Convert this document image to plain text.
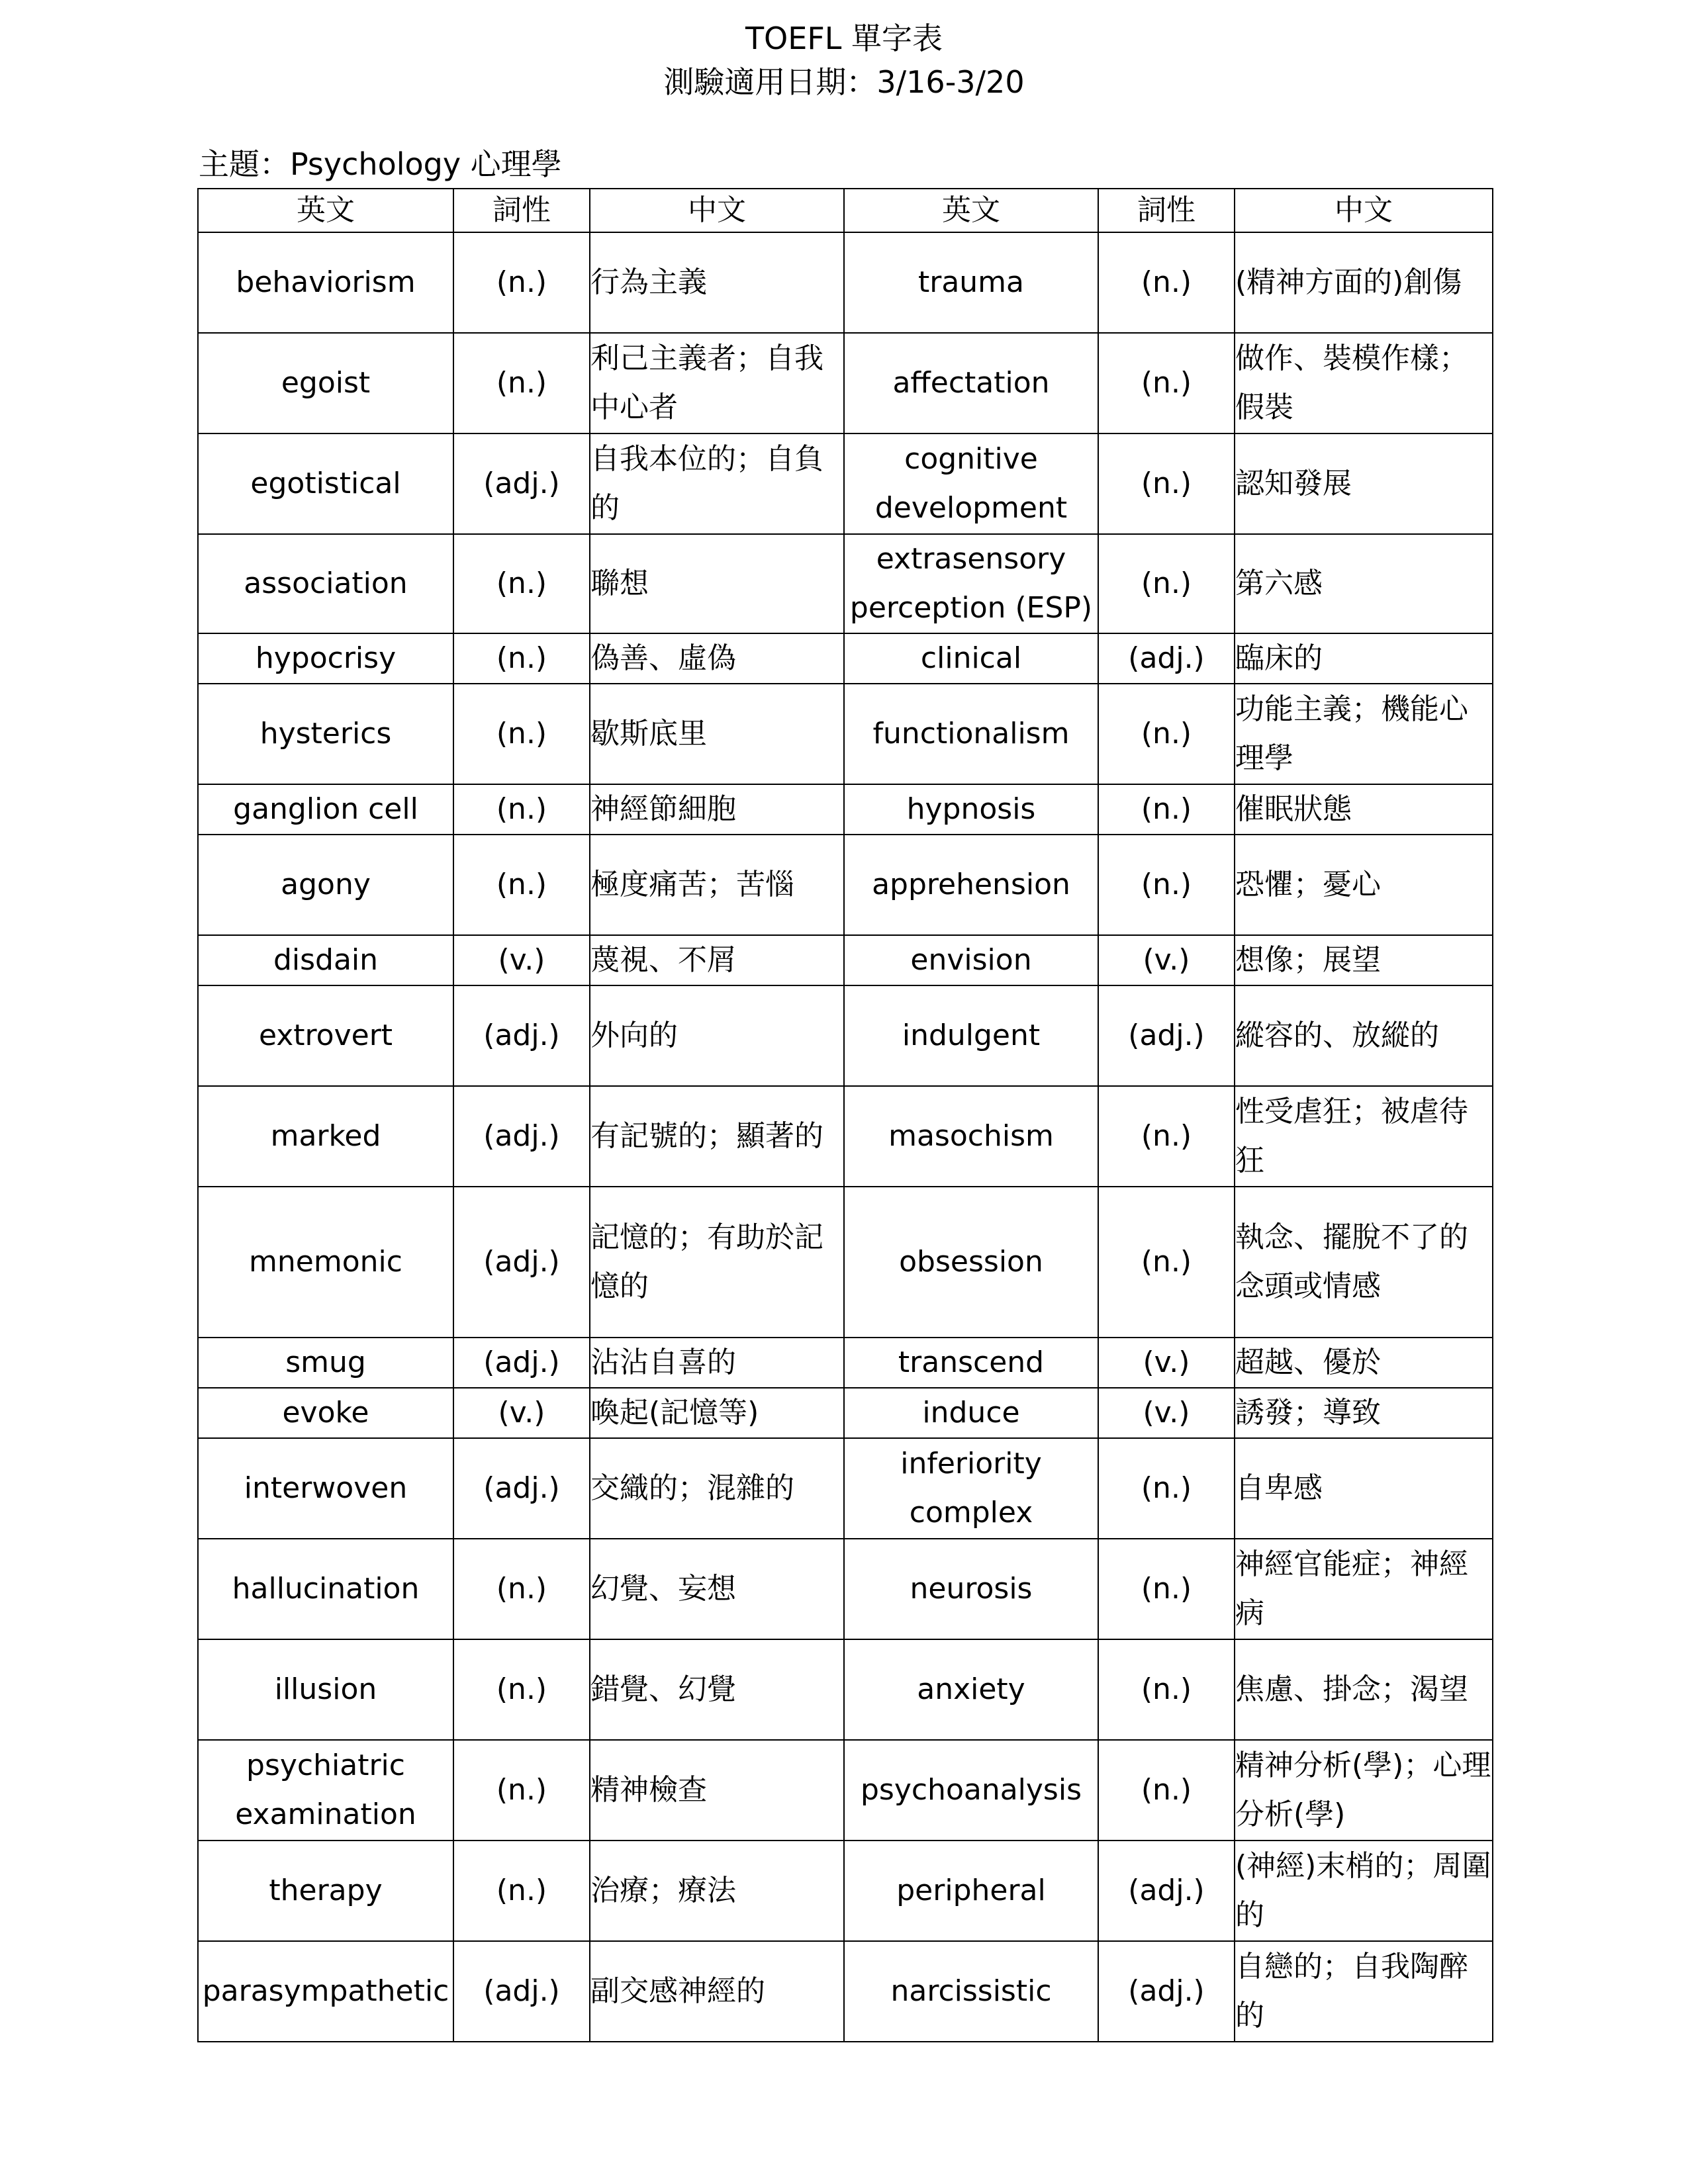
TOEFL 單字表
測驗適用日期：3/16-3/20
主題：Psychology 心理學
英文	詞性	中文	英文	詞性	中文
behaviorism	(n.)	行為主義	trauma	(n.)	(精神方面的)創傷
egoist	(n.)	利己主義者；自我中心者	affectation	(n.)	做作、裝模作樣；假裝
egotistical	(adj.)	自我本位的；自負的	cognitive development	(n.)	認知發展
association	(n.)	聯想	extrasensory perception (ESP)	(n.)	第六感
hypocrisy	(n.)	偽善、虛偽	clinical	(adj.)	臨床的
hysterics	(n.)	歇斯底里	functionalism	(n.)	功能主義；機能心理學
ganglion cell	(n.)	神經節細胞	hypnosis	(n.)	催眠狀態
agony	(n.)	極度痛苦；苦惱	apprehension	(n.)	恐懼；憂心
disdain	(v.)	蔑視、不屑	envision	(v.)	想像；展望
extrovert	(adj.)	外向的	indulgent	(adj.)	縱容的、放縱的
marked	(adj.)	有記號的；顯著的	masochism	(n.)	性受虐狂；被虐待狂
mnemonic	(adj.)	記憶的；有助於記憶的	obsession	(n.)	執念、擺脫不了的念頭或情感
smug	(adj.)	沾沾自喜的	transcend	(v.)	超越、優於
evoke	(v.)	喚起(記憶等)	induce	(v.)	誘發；導致
interwoven	(adj.)	交織的；混雜的	inferiority complex	(n.)	自卑感
hallucination	(n.)	幻覺、妄想	neurosis	(n.)	神經官能症；神經病
illusion	(n.)	錯覺、幻覺	anxiety	(n.)	焦慮、掛念；渴望
psychiatric examination	(n.)	精神檢查	psychoanalysis	(n.)	精神分析(學)；心理分析(學)
therapy	(n.)	治療；療法	peripheral	(adj.)	(神經)末梢的；周圍的
parasympathetic	(adj.)	副交感神經的	narcissistic	(adj.)	自戀的；自我陶醉的
